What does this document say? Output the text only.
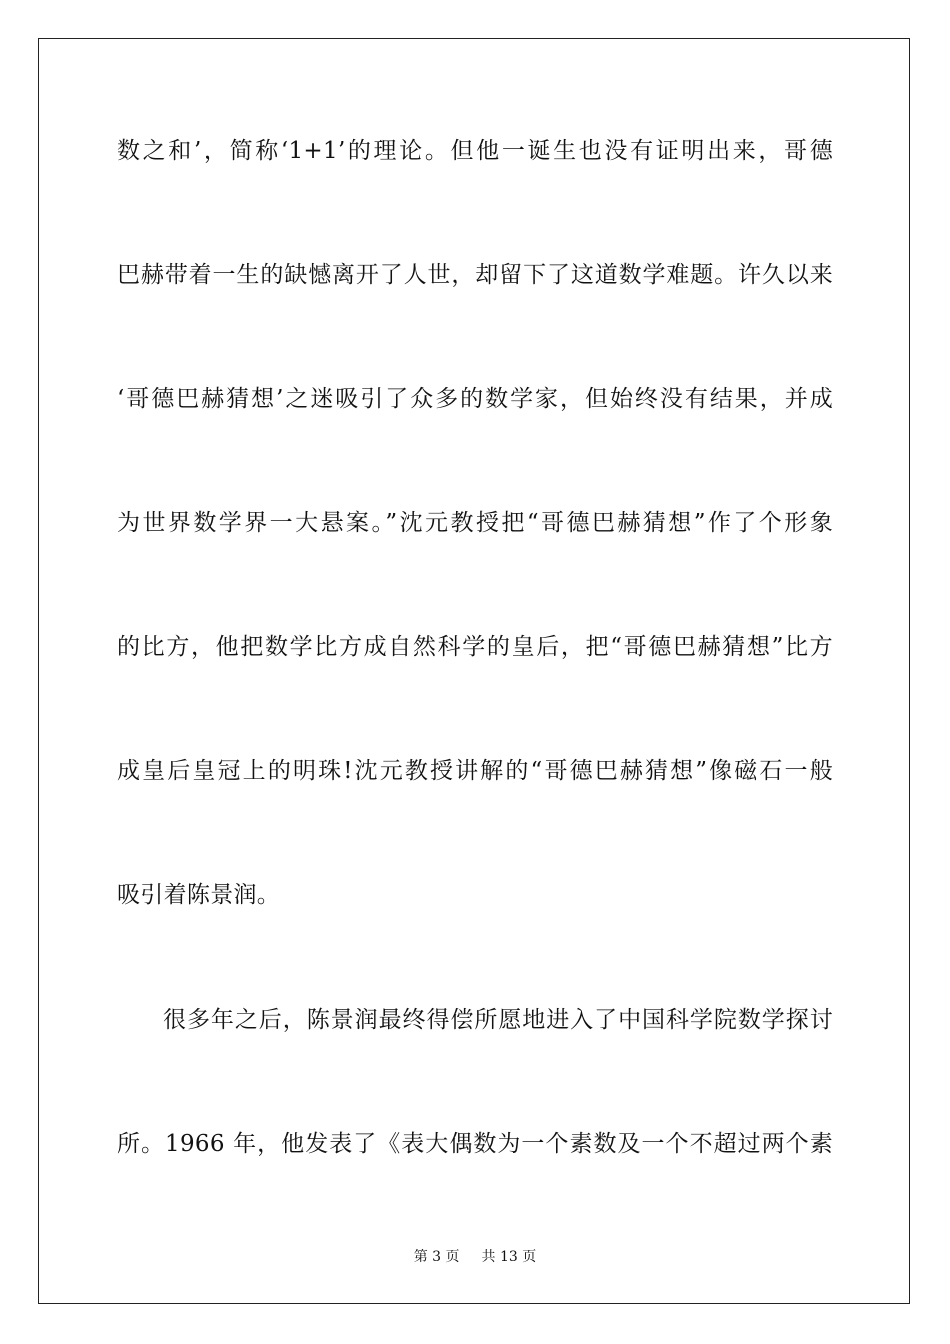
数之和’，简称‘1+1’的理论。但他一诞生也没有证明出来，哥德
巴赫带着一生的缺憾离开了人世，却留下了这道数学难题。许久以来
‘哥德巴赫猜想’之迷吸引了众多的数学家，但始终没有结果，并成
为世界数学界一大悬案。”沈元教授把“哥德巴赫猜想”作了个形象
的比方，他把数学比方成自然科学的皇后，把“哥德巴赫猜想”比方
成皇后皇冠上的明珠!沈元教授讲解的“哥德巴赫猜想”像磁石一般
吸引着陈景润。
很多年之后，陈景润最终得偿所愿地进入了中国科学院数学探讨
所。1966 年，他发表了《表大偶数为一个素数及一个不超过两个素
第 3 页 共 13 页
